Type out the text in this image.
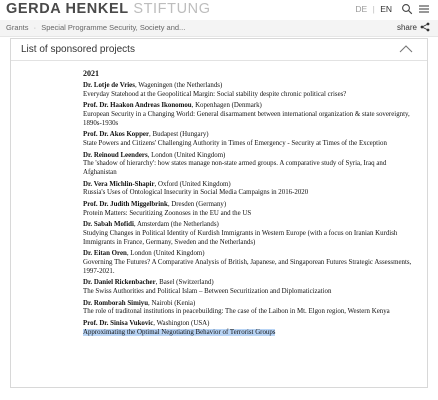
GERDA HENKEL STIFTUNG	DE | EN
Grants · Special Programme Security, Society and...	share
List of sponsored projects
2021
Dr. Lotje de Vries, Wageningen (the Netherlands)
Everyday Statehood at the Geopolitical Margin: Social stability despite chronic political crises?
Prof. Dr. Haakon Andreas Ikonomou, Kopenhagen (Denmark)
European Security in a Changing World: General disarmament between international organization & state sovereignty, 1890s-1930s
Prof. Dr. Akos Kopper, Budapest (Hungary)
State Powers and Citizens' Challenging Authority in Times of Emergency - Security at Times of the Exception
Dr. Reinoud Leenders, London (United Kingdom)
The 'shadow of hierarchy': how states manage non-state armed groups. A comparative study of Syria, Iraq and Afghanistan
Dr. Vera Michlin-Shapir, Oxford (United Kingdom)
Russia's Uses of Ontological Insecurity in Social Media Campaigns in 2016-2020
Prof. Dr. Judith Miggelbrink, Dresden (Germany)
Protein Matters: Securitizing Zoonoses in the EU and the US
Dr. Sabah Mofidi, Amsterdam (the Netherlands)
Studying Changes in Political Identity of Kurdish Immigrants in Western Europe (with a focus on Iranian Kurdish Immigrants in France, Germany, Sweden and the Netherlands)
Dr. Eitan Oren, London (United Kingdom)
Governing The Futures? A Comparative Analysis of British, Japanese, and Singaporean Futures Strategic Assessments, 1997-2021.
Dr. Daniel Rickenbacher, Basel (Switzerland)
The Swiss Authorities and Political Islam – Between Securitization and Diplomaticization
Dr. Romborah Simiyu, Nairobi (Kenia)
The role of traditonal institutions in peacebuilding: The case of the Laibon in Mt. Elgon region, Western Kenya
Prof. Dr. Sinisa Vukovic, Washington (USA)
Approximating the Optimal Negotiating Behavior of Terrorist Groups
